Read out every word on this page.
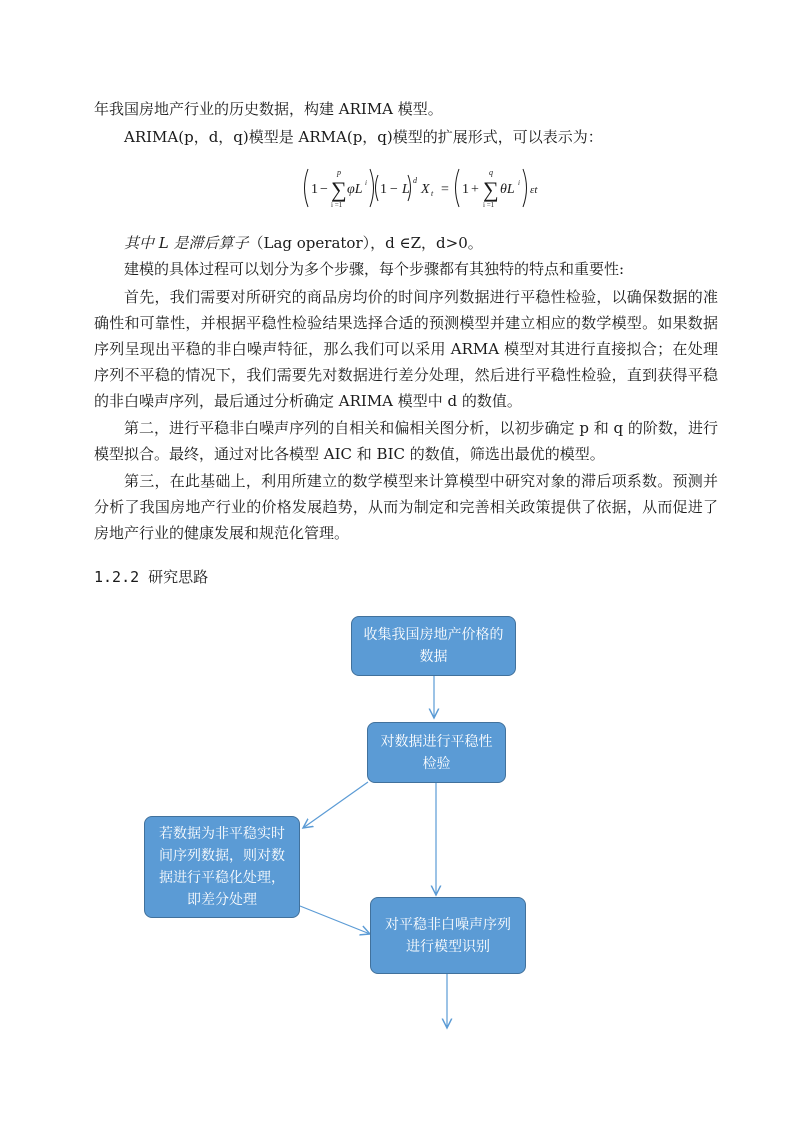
年我国房地产行业的历史数据，构建 ARIMA 模型。

ARIMA(p，d，q)模型是 ARMA(p，q)模型的扩展形式，可以表示为：

1 −
p
∑
i =1
φL i 1 − L
d
X t = 1 +
q
∑
i =1
θL i
εt

其中 L 是滞后算子（Lag operator），d ∈Z，d>0。

建模的具体过程可以划分为多个步骤，每个步骤都有其独特的特点和重要性:

首先，我们需要对所研究的商品房均价的时间序列数据进行平稳性检验，以确保数据的准确性和可靠性，并根据平稳性检验结果选择合适的预测模型并建立相应的数学模型。如果数据序列呈现出平稳的非白噪声特征，那么我们可以采用 ARMA 模型对其进行直接拟合；在处理序列不平稳的情况下，我们需要先对数据进行差分处理，然后进行平稳性检验，直到获得平稳的非白噪声序列，最后通过分析确定 ARIMA 模型中 d 的数值。

第二，进行平稳非白噪声序列的自相关和偏相关图分析，以初步确定 p 和 q 的阶数，进行模型拟合。最终，通过对比各模型 AIC 和 BIC 的数值，筛选出最优的模型。

第三，在此基础上，利用所建立的数学模型来计算模型中研究对象的滞后项系数。预测并分析了我国房地产行业的价格发展趋势，从而为制定和完善相关政策提供了依据，从而促进了房地产行业的健康发展和规范化管理。

1.2.2 研究思路
收集我国房地产价格的数据
对数据进行平稳性检验
若数据为非平稳实时间序列数据，则对数据进行平稳化处理，即差分处理
对平稳非白噪声序列进行模型识别
